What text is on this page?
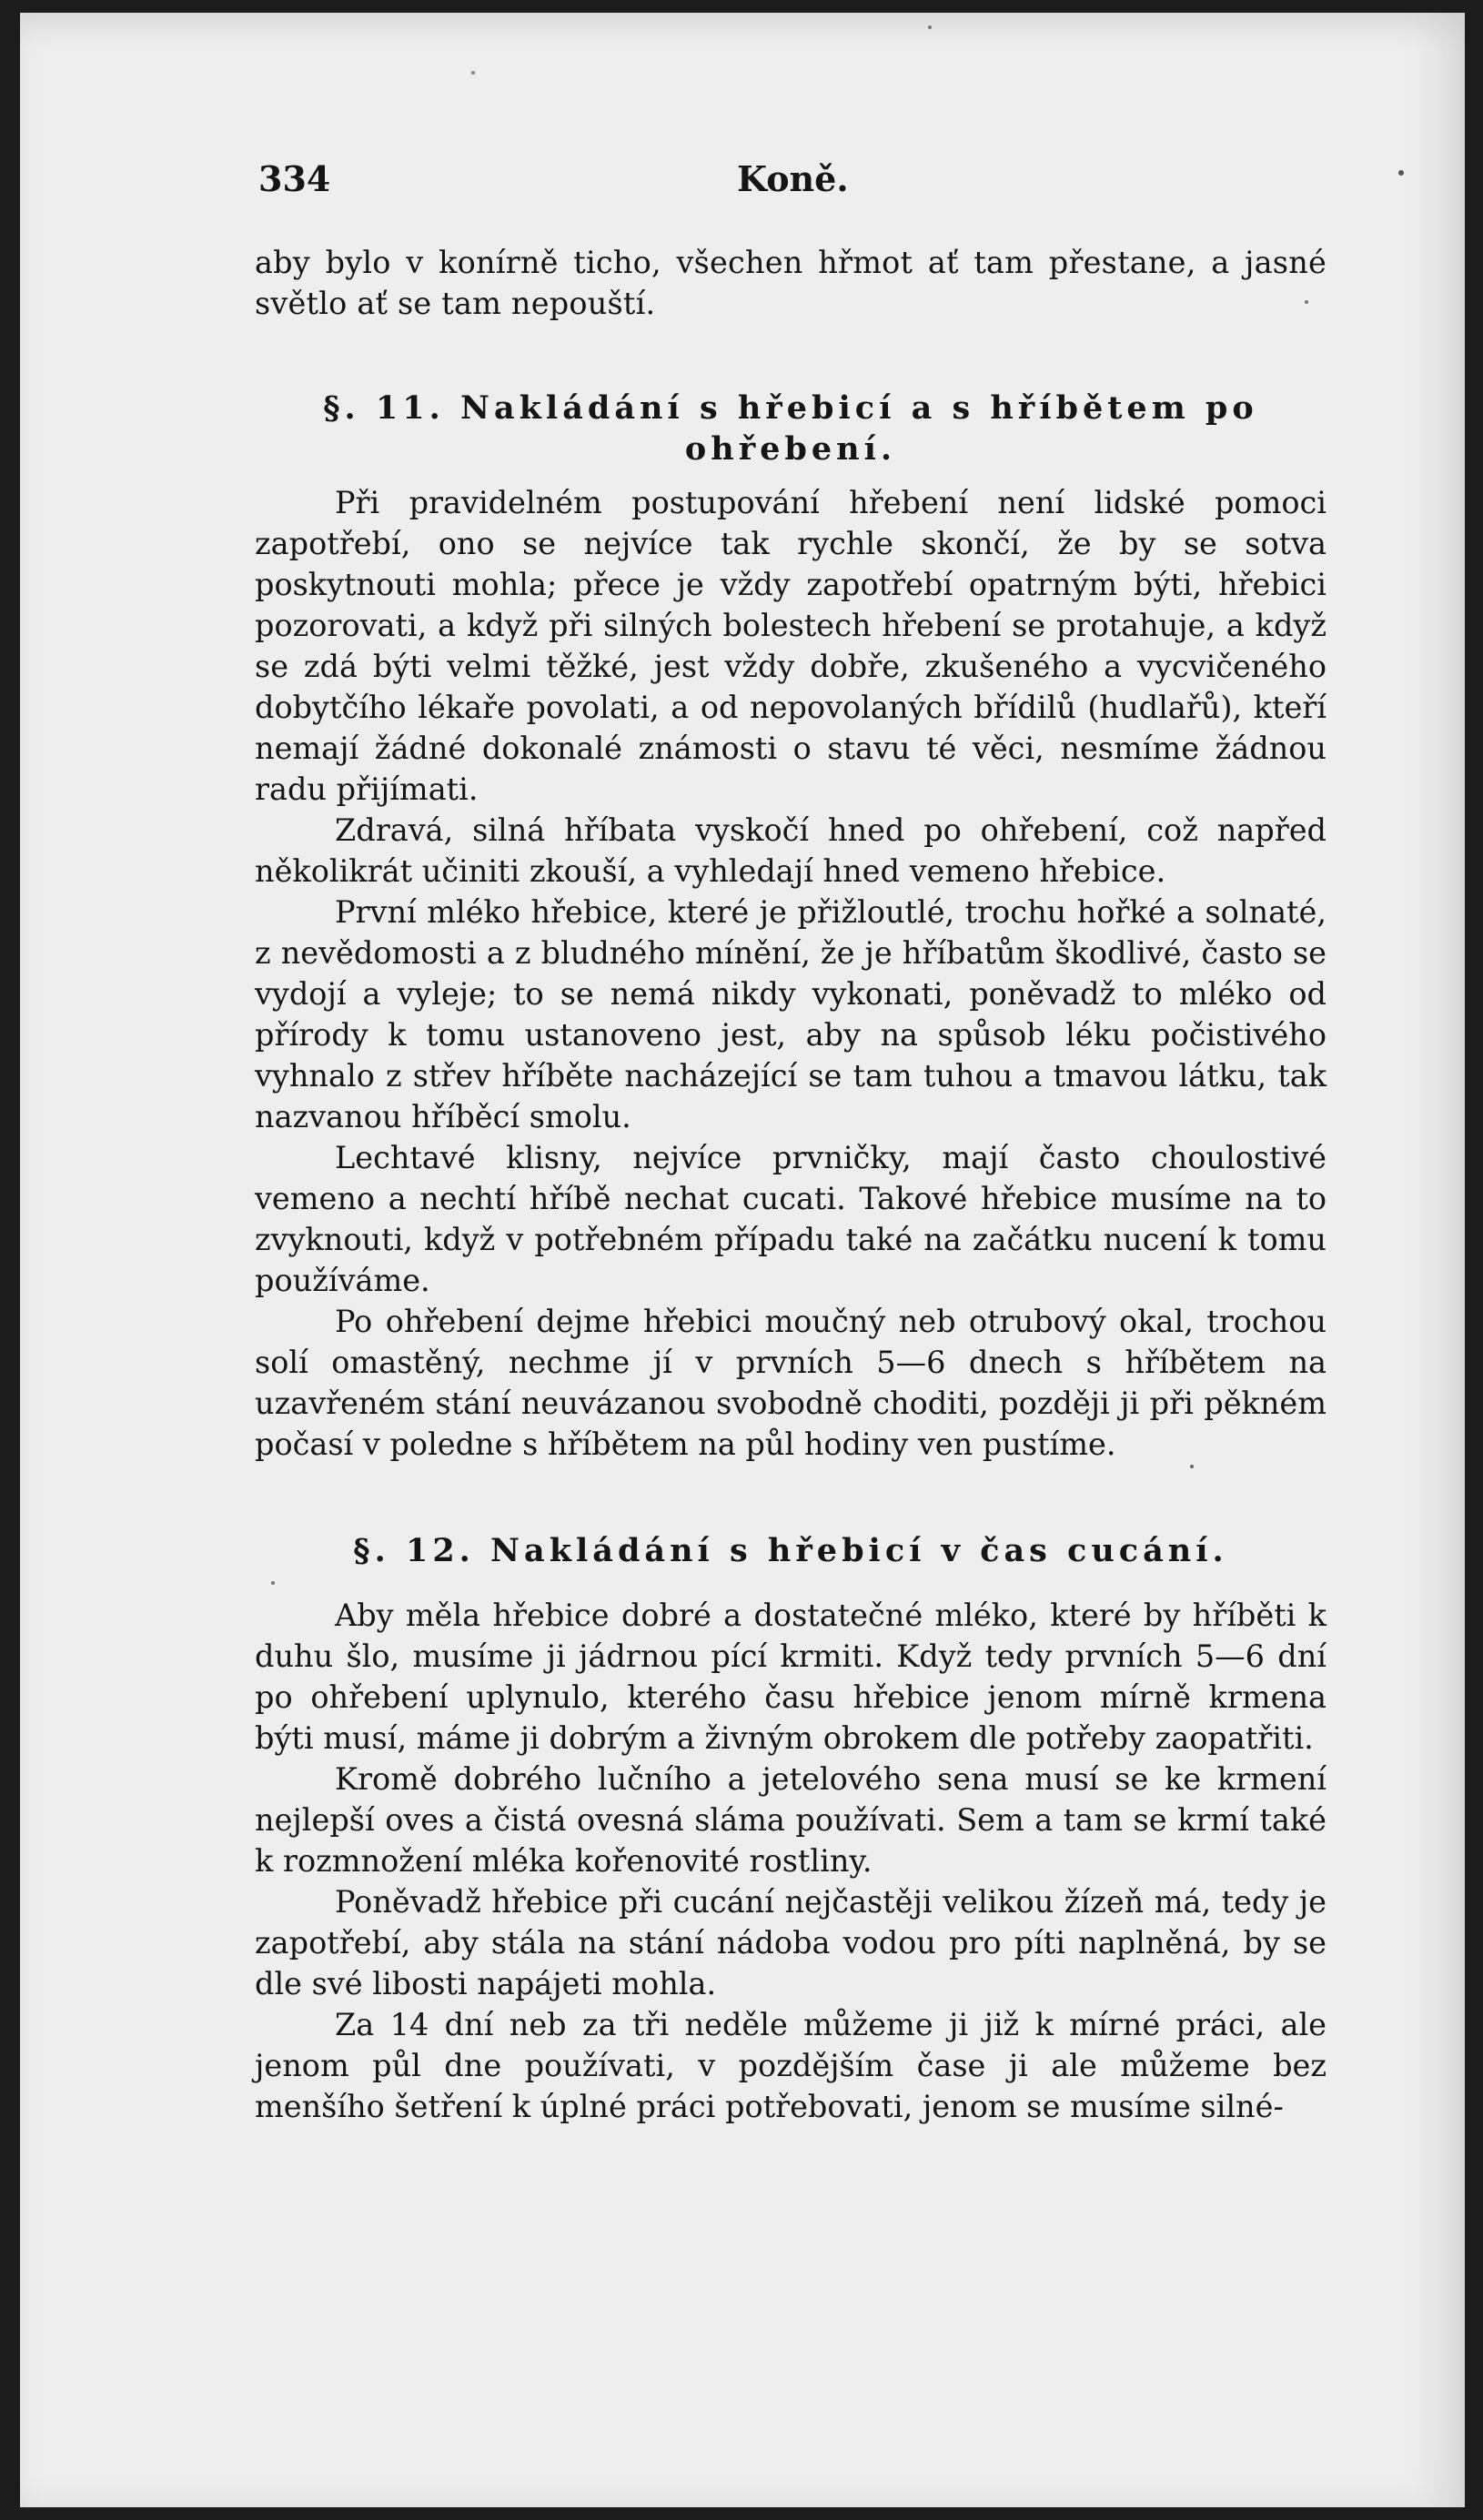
334	Koně.

aby bylo v konírně ticho, všechen hřmot ať tam přestane, a jasné světlo ať se tam nepouští.

§. 11. Nakládání s hřebicí a s hříbětem po ohřebení.

Při pravidelném postupování hřebení není lidské pomoci zapotřebí, ono se nejvíce tak rychle skončí, že by se sotva poskytnouti mohla; přece je vždy zapotřebí opatrným býti, hřebici pozorovati, a když při silných bolestech hřebení se protahuje, a když se zdá býti velmi těžké, jest vždy dobře, zkušeného a vycvičeného dobytčího lékaře povolati, a od nepovolaných břídilů (hudlařů), kteří nemají žádné dokonalé známosti o stavu té věci, nesmíme žádnou radu přijímati.

Zdravá, silná hříbata vyskočí hned po ohřebení, což napřed několikrát učiniti zkouší, a vyhledají hned vemeno hřebice.

První mléko hřebice, které je přižloutlé, trochu hořké a solnaté, z nevědomosti a z bludného mínění, že je hříbatům škodlivé, často se vydojí a vyleje; to se nemá nikdy vykonati, poněvadž to mléko od přírody k tomu ustanoveno jest, aby na spůsob léku počistivého vyhnalo z střev hříběte nacházející se tam tuhou a tmavou látku, tak nazvanou hříběcí smolu.

Lechtavé klisny, nejvíce prvničky, mají často choulostivé vemeno a nechtí hříbě nechat cucati. Takové hřebice musíme na to zvyknouti, když v potřebném případu také na začátku nucení k tomu používáme.

Po ohřebení dejme hřebici moučný neb otrubový okal, trochou solí omastěný, nechme jí v prvních 5—6 dnech s hříbětem na uzavřeném stání neuvázanou svobodně choditi, později ji při pěkném počasí v poledne s hříbětem na půl hodiny ven pustíme.

§. 12. Nakládání s hřebicí v čas cucání.

Aby měla hřebice dobré a dostatečné mléko, které by hříběti k duhu šlo, musíme ji jádrnou pící krmiti. Když tedy prvních 5—6 dní po ohřebení uplynulo, kterého času hřebice jenom mírně krmena býti musí, máme ji dobrým a živným obrokem dle potřeby zaopatřiti.

Kromě dobrého lučního a jetelového sena musí se ke krmení nejlepší oves a čistá ovesná sláma používati. Sem a tam se krmí také k rozmnožení mléka kořenovité rostliny.

Poněvadž hřebice při cucání nejčastěji velikou žízeň má, tedy je zapotřebí, aby stála na stání nádoba vodou pro píti naplněná, by se dle své libosti napájeti mohla.

Za 14 dní neb za tři neděle můžeme ji již k mírné práci, ale jenom půl dne používati, v pozdějším čase ji ale můžeme bez menšího šetření k úplné práci potřebovati, jenom se musíme silné-
